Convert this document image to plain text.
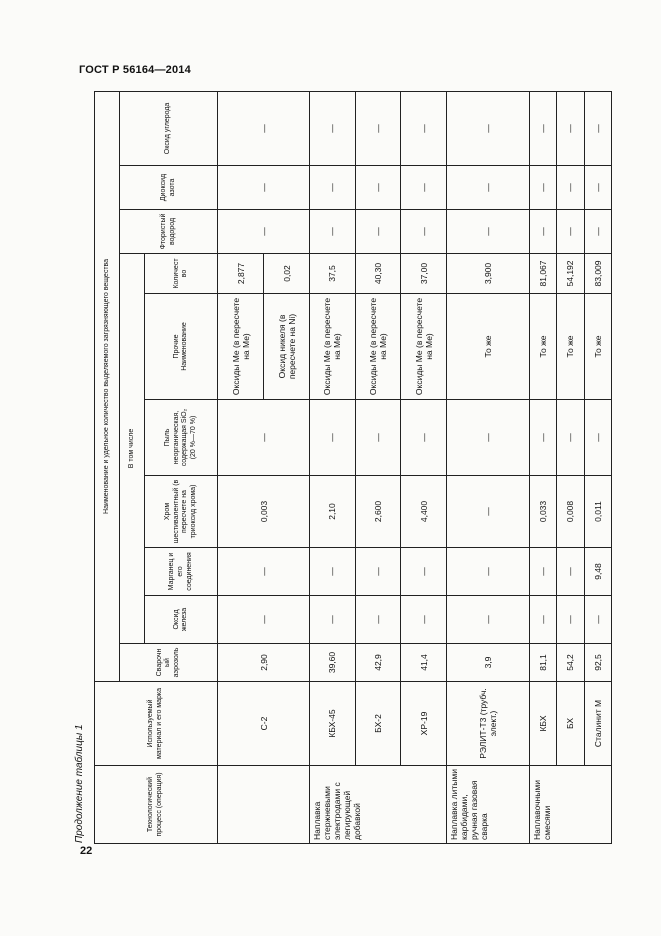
ГОСТ Р 56164—2014
22
Продолжение таблицы 1	Технологический процесс (операция)	Используемый материал и его марка	Наименование и удельное количество выделяемого загрязняющего вещества									
		Сварочный аэрозоль	В том числе						Фтористый водород	Диоксид азота	Оксид углерода
			Оксид железа	Марганец и его соединения	Хром шестивалентный (в пересчете на триоксид хрома)	Пыль неорганическая, содержащая SiO₂ (20 %—70 %)	Прочие Наименование	Количество			
	С-2	2,90	—	—	0,003	—	Оксиды Ме (в пересчете на Ме)	2,877	—	—	—
							Оксид никеля (в пересчете на Ni)	0,02			
Наплавка стержневыми электродами с легирующей добавкой	КБХ-45	39,60	—	—	2,10	—	Оксиды Ме (в пересчете на Ме)	37,5	—	—	—
	БХ-2	42,9	—	—	2,600	—	Оксиды Ме (в пересчете на Ме)	40,30	—	—	—
	ХР-19	41,4	—	—	4,400	—	Оксиды Ме (в пересчете на Ме)	37,00	—	—	—
Наплавка литыми карбидами, ручная газовая сварка	РЭЛИТ-Т3 (трубч. элект.)	3,9	—	—	—	—	То же	3,900	—	—	—
Наплавочными смесями	КБХ	81,1	—	—	0,033	—	То же	81,067	—	—	—
	БХ	54,2	—	—	0,008	—	То же	54,192	—	—	—
	Сталинит М	92,5	—	9,48	0,011	—	То же	83,009	—	—	—
